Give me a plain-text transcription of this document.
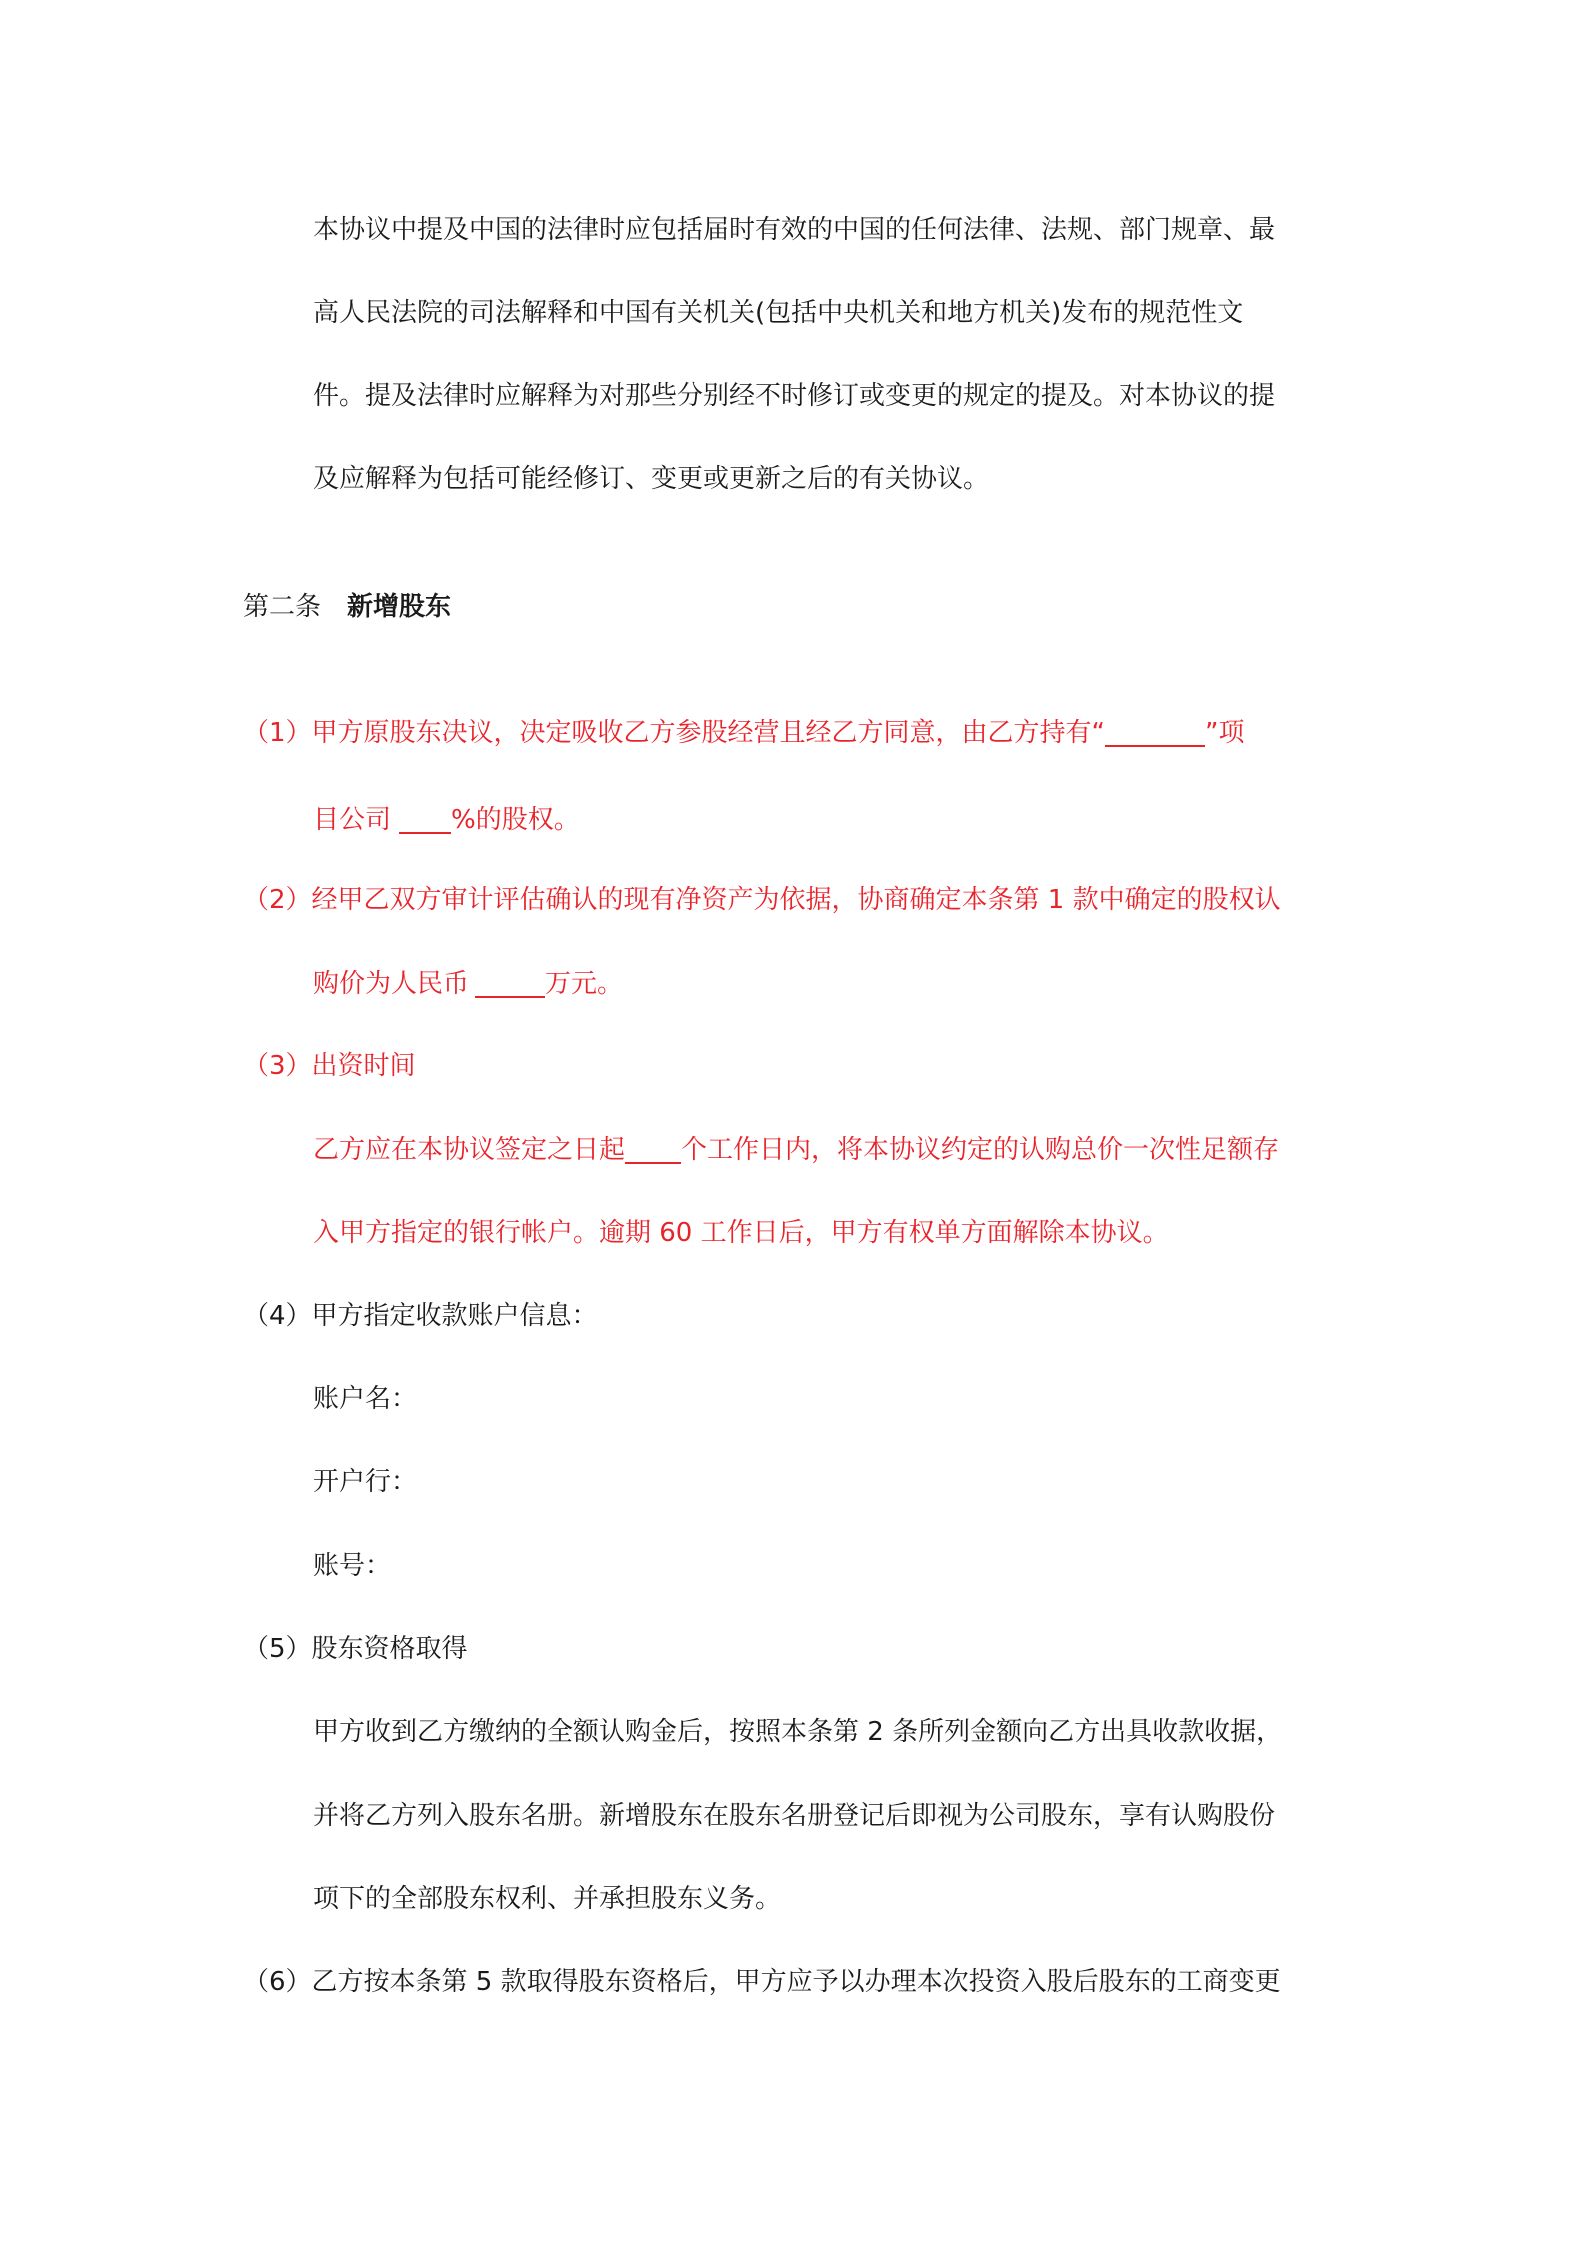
本协议中提及中国的法律时应包括届时有效的中国的任何法律、法规、部门规章、最
高人民法院的司法解释和中国有关机关(包括中央机关和地方机关)发布的规范性文
件。提及法律时应解释为对那些分别经不时修订或变更的规定的提及。对本协议的提
及应解释为包括可能经修订、变更或更新之后的有关协议。
第二条 新增股东
（1）甲方原股东决议，决定吸收乙方参股经营且经乙方同意，由乙方持有“	”项
目公司 %的股权。
（2）经甲乙双方审计评估确认的现有净资产为依据，协商确定本条第 1 款中确定的股权认
购价为人民币	万元。
（3）出资时间
乙方应在本协议签定之日起 个工作日内，将本协议约定的认购总价一次性足额存
入甲方指定的银行帐户。逾期 60 工作日后，甲方有权单方面解除本协议。
（4）甲方指定收款账户信息：
账户名：
开户行：
账号：
（5）股东资格取得
甲方收到乙方缴纳的全额认购金后，按照本条第 2 条所列金额向乙方出具收款收据，
并将乙方列入股东名册。新增股东在股东名册登记后即视为公司股东，享有认购股份
项下的全部股东权利、并承担股东义务。
（6）乙方按本条第 5 款取得股东资格后，甲方应予以办理本次投资入股后股东的工商变更
